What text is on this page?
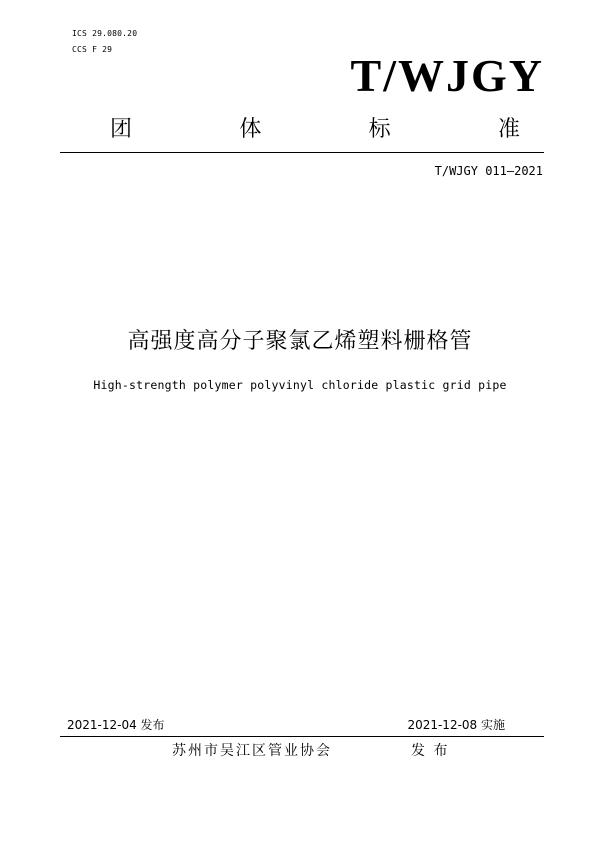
ICS 29.080.20
CCS F 29
T/WJGY
团	体	标	准
T/WJGY 011—2021
高强度高分子聚氯乙烯塑料栅格管
High-strength polymer polyvinyl chloride plastic grid pipe
2021-12-04 发布	2021-12-08 实施
苏州市吴江区管业协会	发 布
